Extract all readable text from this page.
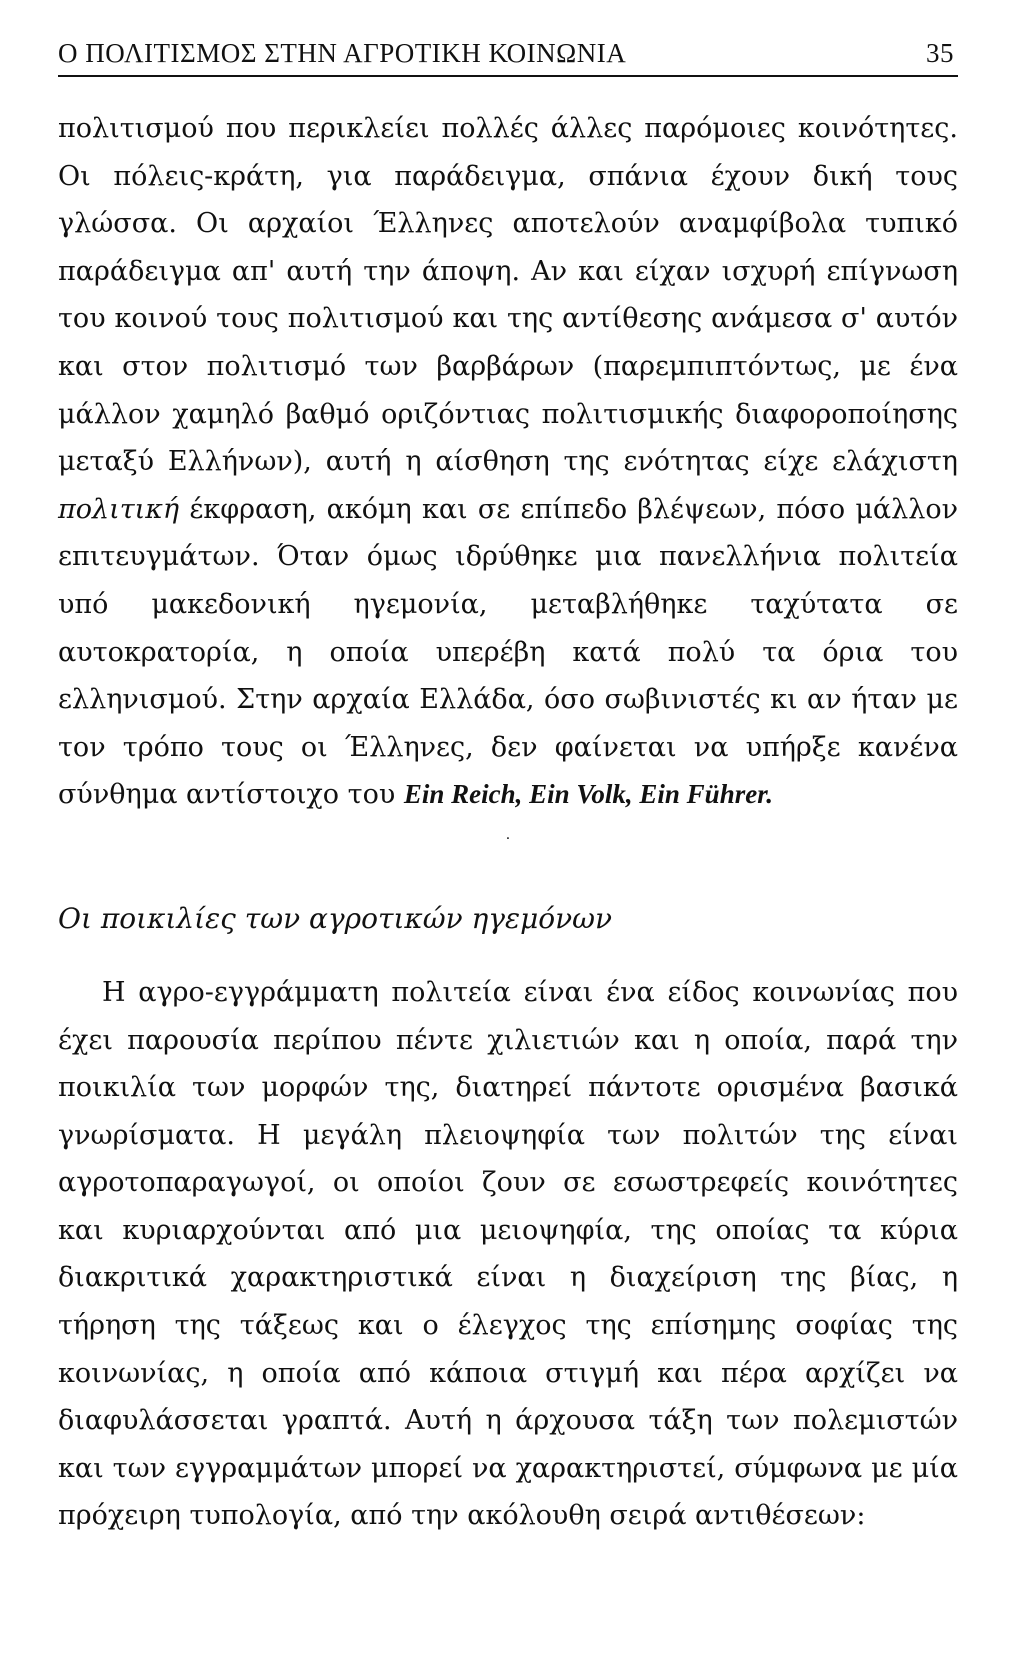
Ο ΠΟΛΙΤΙΣΜΟΣ ΣΤΗΝ ΑΓΡΟΤΙΚΗ ΚΟΙΝΩΝΙΑ	35

πολιτισμού που περικλείει πολλές άλλες παρόμοιες κοινότητες. Οι πόλεις-κράτη, για παράδειγμα, σπάνια έχουν δική τους γλώσσα. Οι αρχαίοι Έλληνες αποτελούν αναμφίβολα τυπικό παράδειγμα απ' αυτή την άποψη. Αν και είχαν ισχυρή επίγνωση του κοινού τους πολιτισμού και της αντίθεσης ανάμεσα σ' αυτόν και στον πολιτισμό των βαρβάρων (παρεμπιπτόντως, με ένα μάλλον χαμηλό βαθμό οριζόντιας πολιτισμικής διαφοροποίησης μεταξύ Ελλήνων), αυτή η αίσθηση της ενότητας είχε ελάχιστη πολιτική έκφραση, ακόμη και σε επίπεδο βλέψεων, πόσο μάλλον επιτευγμάτων. Όταν όμως ιδρύθηκε μια πανελλήνια πολιτεία υπό μακεδονική ηγεμονία, μεταβλήθηκε ταχύτατα σε αυτοκρατορία, η οποία υπερέβη κατά πολύ τα όρια του ελληνισμού. Στην αρχαία Ελλάδα, όσο σωβινιστές κι αν ήταν με τον τρόπο τους οι Έλληνες, δεν φαίνεται να υπήρξε κανένα σύνθημα αντίστοιχο του Ein Reich, Ein Volk, Ein Führer.

·
Οι ποικιλίες των αγροτικών ηγεμόνων

Η αγρο-εγγράμματη πολιτεία είναι ένα είδος κοινωνίας που έχει παρουσία περίπου πέντε χιλιετιών και η οποία, παρά την ποικιλία των μορφών της, διατηρεί πάντοτε ορισμένα βασικά γνωρίσματα. Η μεγάλη πλειοψηφία των πολιτών της είναι αγροτοπαραγωγοί, οι οποίοι ζουν σε εσωστρεφείς κοινότητες και κυριαρχούνται από μια μειοψηφία, της οποίας τα κύρια διακριτικά χαρακτηριστικά είναι η διαχείριση της βίας, η τήρηση της τάξεως και ο έλεγχος της επίσημης σοφίας της κοινωνίας, η οποία από κάποια στιγμή και πέρα αρχίζει να διαφυλάσσεται γραπτά. Αυτή η άρχουσα τάξη των πολεμιστών και των εγγραμμάτων μπορεί να χαρακτηριστεί, σύμφωνα με μία πρόχειρη τυπολογία, από την ακόλουθη σειρά αντιθέσεων:
